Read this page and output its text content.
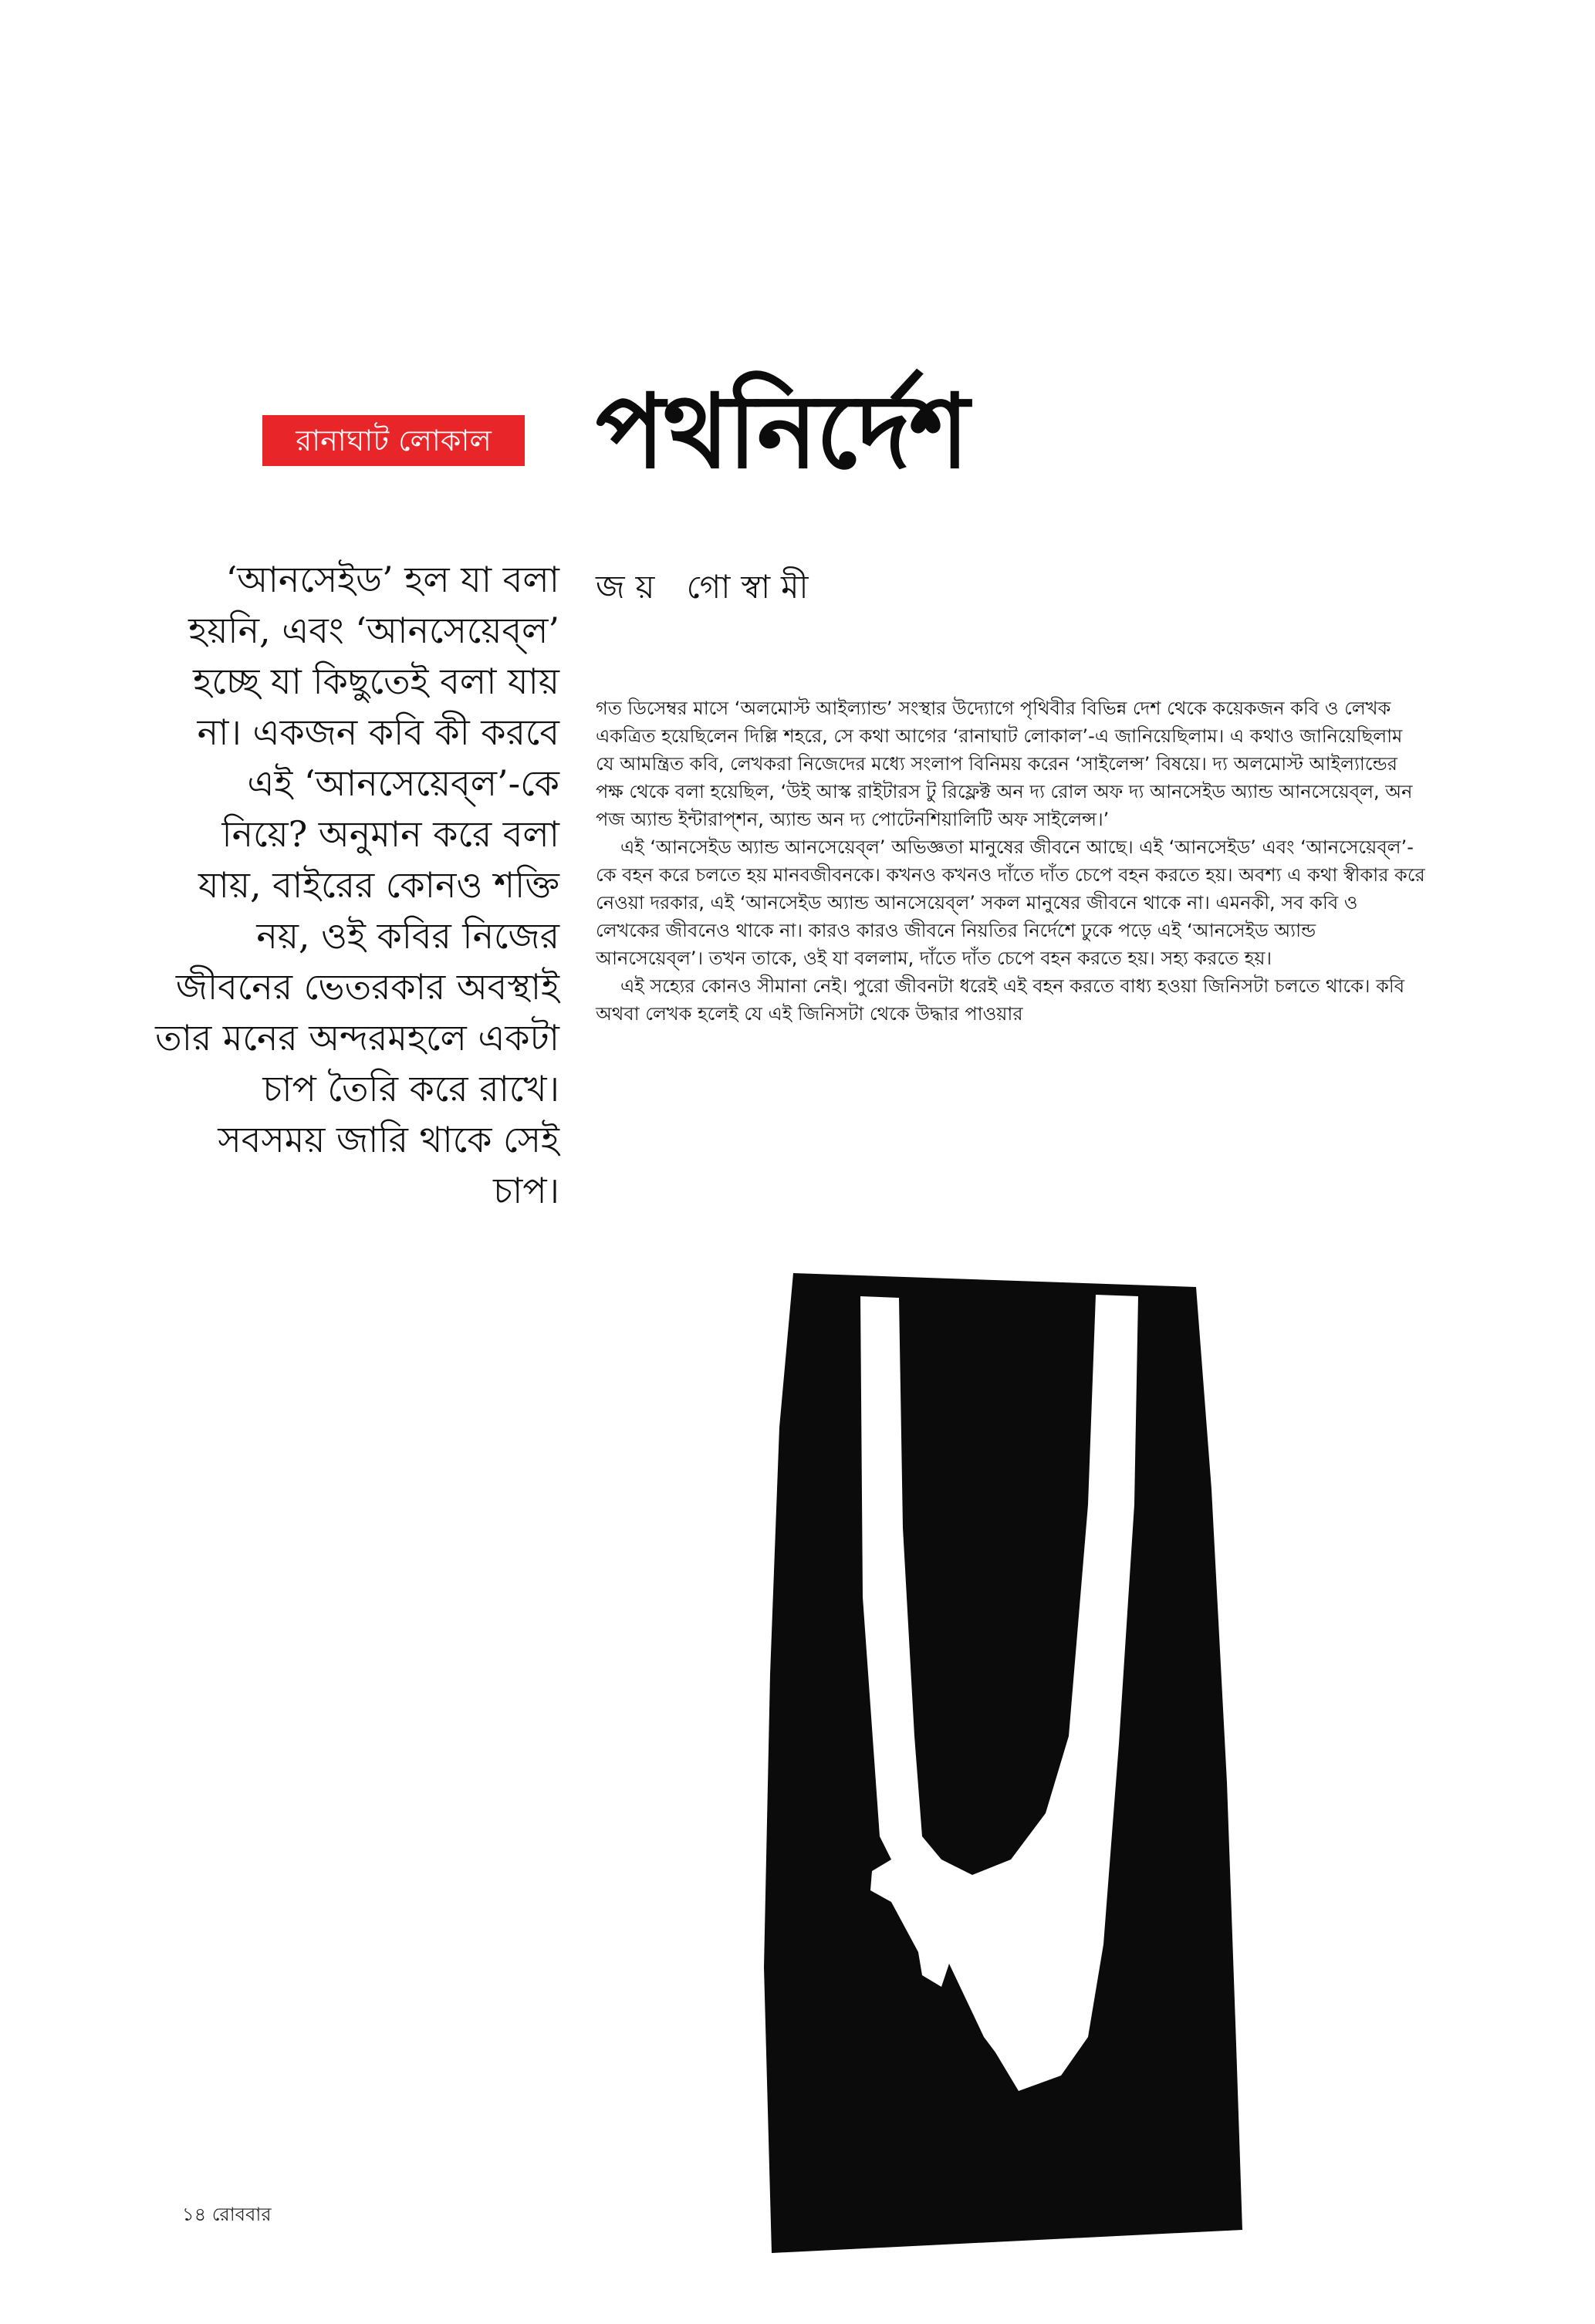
রানাঘাট লোকাল	পথনির্দেশ
‘আনসেইড’ হল যা বলা হয়নি, এবং ‘আনসেয়েব্‌ল’ হচ্ছে যা কিছুতেই বলা যায় না। একজন কবি কী করবে এই ‘আনসেয়েব্‌ল’-কে নিয়ে? অনুমান করে বলা যায়, বাইরের কোনও শক্তি নয়, ওই কবির নিজের জীবনের ভেতরকার অবস্থাই তার মনের অন্দরমহলে একটা চাপ তৈরি করে রাখে। সবসময় জারি থাকে সেই চাপ।
জয় গোস্বামী

গত ডিসেম্বর মাসে ‘অলমোস্ট আইল্যান্ড’ সংস্থার উদ্যোগে পৃথিবীর বিভিন্ন দেশ থেকে কয়েকজন কবি ও লেখক একত্রিত হয়েছিলেন দিল্লি শহরে, সে কথা আগের ‘রানাঘাট লোকাল’-এ জানিয়েছিলাম। এ কথাও জানিয়েছিলাম যে আমন্ত্রিত কবি, লেখকরা নিজেদের মধ্যে সংলাপ বিনিময় করেন ‘সাইলেন্স’ বিষয়ে। দ্য অলমোস্ট আইল্যান্ডের পক্ষ থেকে বলা হয়েছিল, ‘উই আস্ক রাইটারস টু রিফ্লেক্ট অন দ্য রোল অফ দ্য আনসেইড অ্যান্ড আনসেয়েব্‌ল, অন পজ অ্যান্ড ইন্টারাপ্‌শন, অ্যান্ড অন দ্য পোটেনশিয়ালিটি অফ সাইলেন্স।’

এই ‘আনসেইড অ্যান্ড আনসেয়েব্‌ল’ অভিজ্ঞতা মানুষের জীবনে আছে। এই ‘আনসেইড’ এবং ‘আনসেয়েব্‌ল’-কে বহন করে চলতে হয় মানবজীবনকে। কখনও কখনও দাঁতে দাঁত চেপে বহন করতে হয়। অবশ্য এ কথা স্বীকার করে নেওয়া দরকার, এই ‘আনসেইড অ্যান্ড আনসেয়েব্‌ল’ সকল মানুষের জীবনে থাকে না। এমনকী, সব কবি ও লেখকের জীবনেও থাকে না। কারও কারও জীবনে নিয়তির নির্দেশে ঢুকে পড়ে এই ‘আনসেইড অ্যান্ড আনসেয়েব্‌ল’। তখন তাকে, ওই যা বললাম, দাঁতে দাঁত চেপে বহন করতে হয়। সহ্য করতে হয়।

এই সহ্যের কোনও সীমানা নেই। পুরো জীবনটা ধরেই এই বহন করতে বাধ্য হওয়া জিনিসটা চলতে থাকে। কবি অথবা লেখক হলেই যে এই জিনিসটা থেকে উদ্ধার পাওয়ার

১৪ রোববার
